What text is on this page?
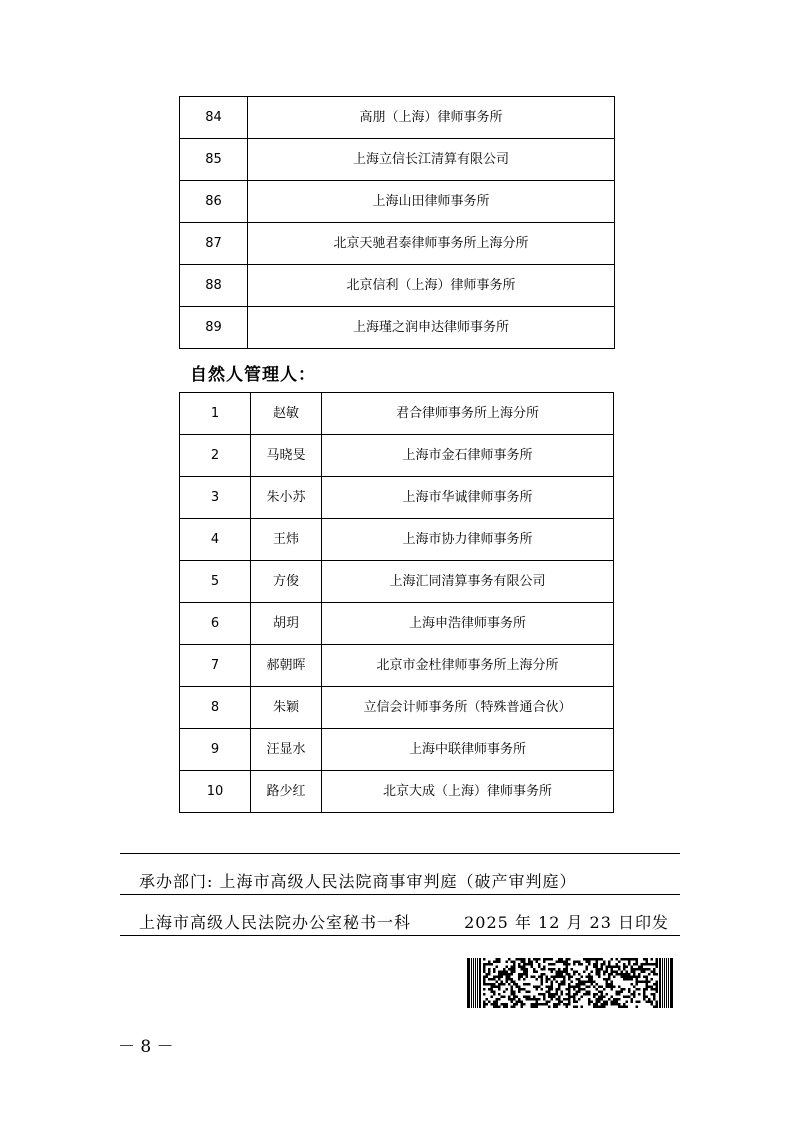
84	高朋（上海）律师事务所
85	上海立信长江清算有限公司
86	上海山田律师事务所
87	北京天驰君泰律师事务所上海分所
88	北京信利（上海）律师事务所
89	上海瑾之润申达律师事务所
自然人管理人：
1	赵敏	君合律师事务所上海分所
2	马晓旻	上海市金石律师事务所
3	朱小苏	上海市华诚律师事务所
4	王炜	上海市协力律师事务所
5	方俊	上海汇同清算事务有限公司
6	胡玥	上海申浩律师事务所
7	郝朝晖	北京市金杜律师事务所上海分所
8	朱颖	立信会计师事务所（特殊普通合伙）
9	汪显水	上海中联律师事务所
10	路少红	北京大成（上海）律师事务所
承办部门: 上海市高级人民法院商事审判庭（破产审判庭）
上海市高级人民法院办公室秘书一科	2025 年 12 月 23 日印发
－ 8 －
